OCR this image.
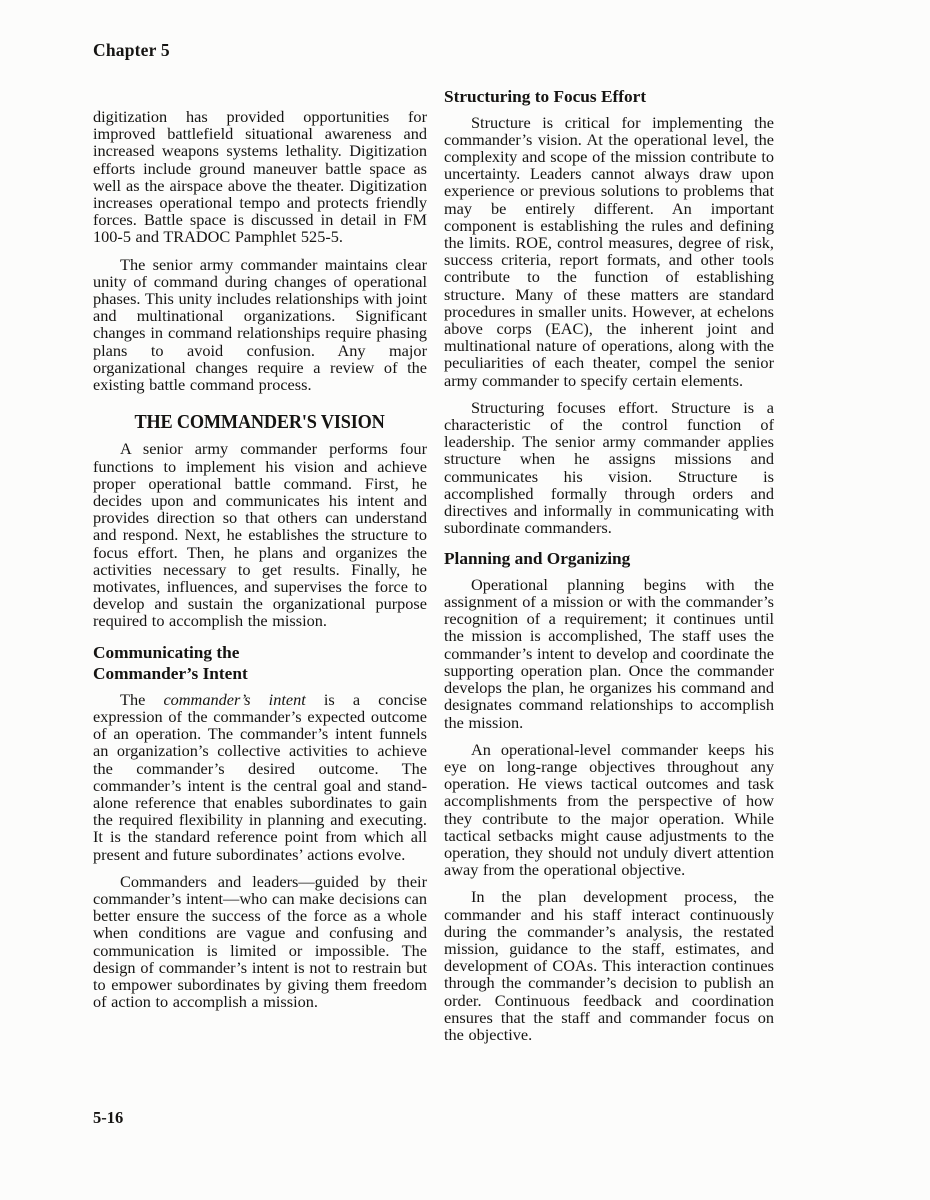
Chapter 5

digitization has provided opportunities for improved battlefield situational awareness and increased weapons systems lethality. Digitization efforts include ground maneuver battle space as well as the airspace above the theater. Digitization increases operational tempo and protects friendly forces. Battle space is discussed in detail in FM 100-5 and TRADOC Pamphlet 525-5.

The senior army commander maintains clear unity of command during changes of operational phases. This unity includes relationships with joint and multinational organizations. Significant changes in command relationships require phasing plans to avoid confusion. Any major organizational changes require a review of the existing battle command process.

THE COMMANDER'S VISION

A senior army commander performs four functions to implement his vision and achieve proper operational battle command. First, he decides upon and communicates his intent and provides direction so that others can understand and respond. Next, he establishes the structure to focus effort. Then, he plans and organizes the activities necessary to get results. Finally, he motivates, influences, and supervises the force to develop and sustain the organizational purpose required to accomplish the mission.

Communicating the
Commander’s Intent

The commander’s intent is a concise expression of the commander’s expected outcome of an operation. The commander’s intent funnels an organization’s collective activities to achieve the commander’s desired outcome. The commander’s intent is the central goal and stand-alone reference that enables subordinates to gain the required flexibility in planning and executing. It is the standard reference point from which all present and future subordinates’ actions evolve.

Commanders and leaders—guided by their commander’s intent—who can make decisions can better ensure the success of the force as a whole when conditions are vague and confusing and communication is limited or impossible. The design of commander’s intent is not to restrain but to empower subordinates by giving them freedom of action to accomplish a mission.

Structuring to Focus Effort

Structure is critical for implementing the commander’s vision. At the operational level, the complexity and scope of the mission contribute to uncertainty. Leaders cannot always draw upon experience or previous solutions to problems that may be entirely different. An important component is establishing the rules and defining the limits. ROE, control measures, degree of risk, success criteria, report formats, and other tools contribute to the function of establishing structure. Many of these matters are standard procedures in smaller units. However, at echelons above corps (EAC), the inherent joint and multinational nature of operations, along with the peculiarities of each theater, compel the senior army commander to specify certain elements.

Structuring focuses effort. Structure is a characteristic of the control function of leadership. The senior army commander applies structure when he assigns missions and communicates his vision. Structure is accomplished formally through orders and directives and informally in communicating with subordinate commanders.

Planning and Organizing

Operational planning begins with the assignment of a mission or with the commander’s recognition of a requirement; it continues until the mission is accomplished, The staff uses the commander’s intent to develop and coordinate the supporting operation plan. Once the commander develops the plan, he organizes his command and designates command relationships to accomplish the mission.

An operational-level commander keeps his eye on long-range objectives throughout any operation. He views tactical outcomes and task accomplishments from the perspective of how they contribute to the major operation. While tactical setbacks might cause adjustments to the operation, they should not unduly divert attention away from the operational objective.

In the plan development process, the commander and his staff interact continuously during the commander’s analysis, the restated mission, guidance to the staff, estimates, and development of COAs. This interaction continues through the commander’s decision to publish an order. Continuous feedback and coordination ensures that the staff and commander focus on the objective.

5-16
